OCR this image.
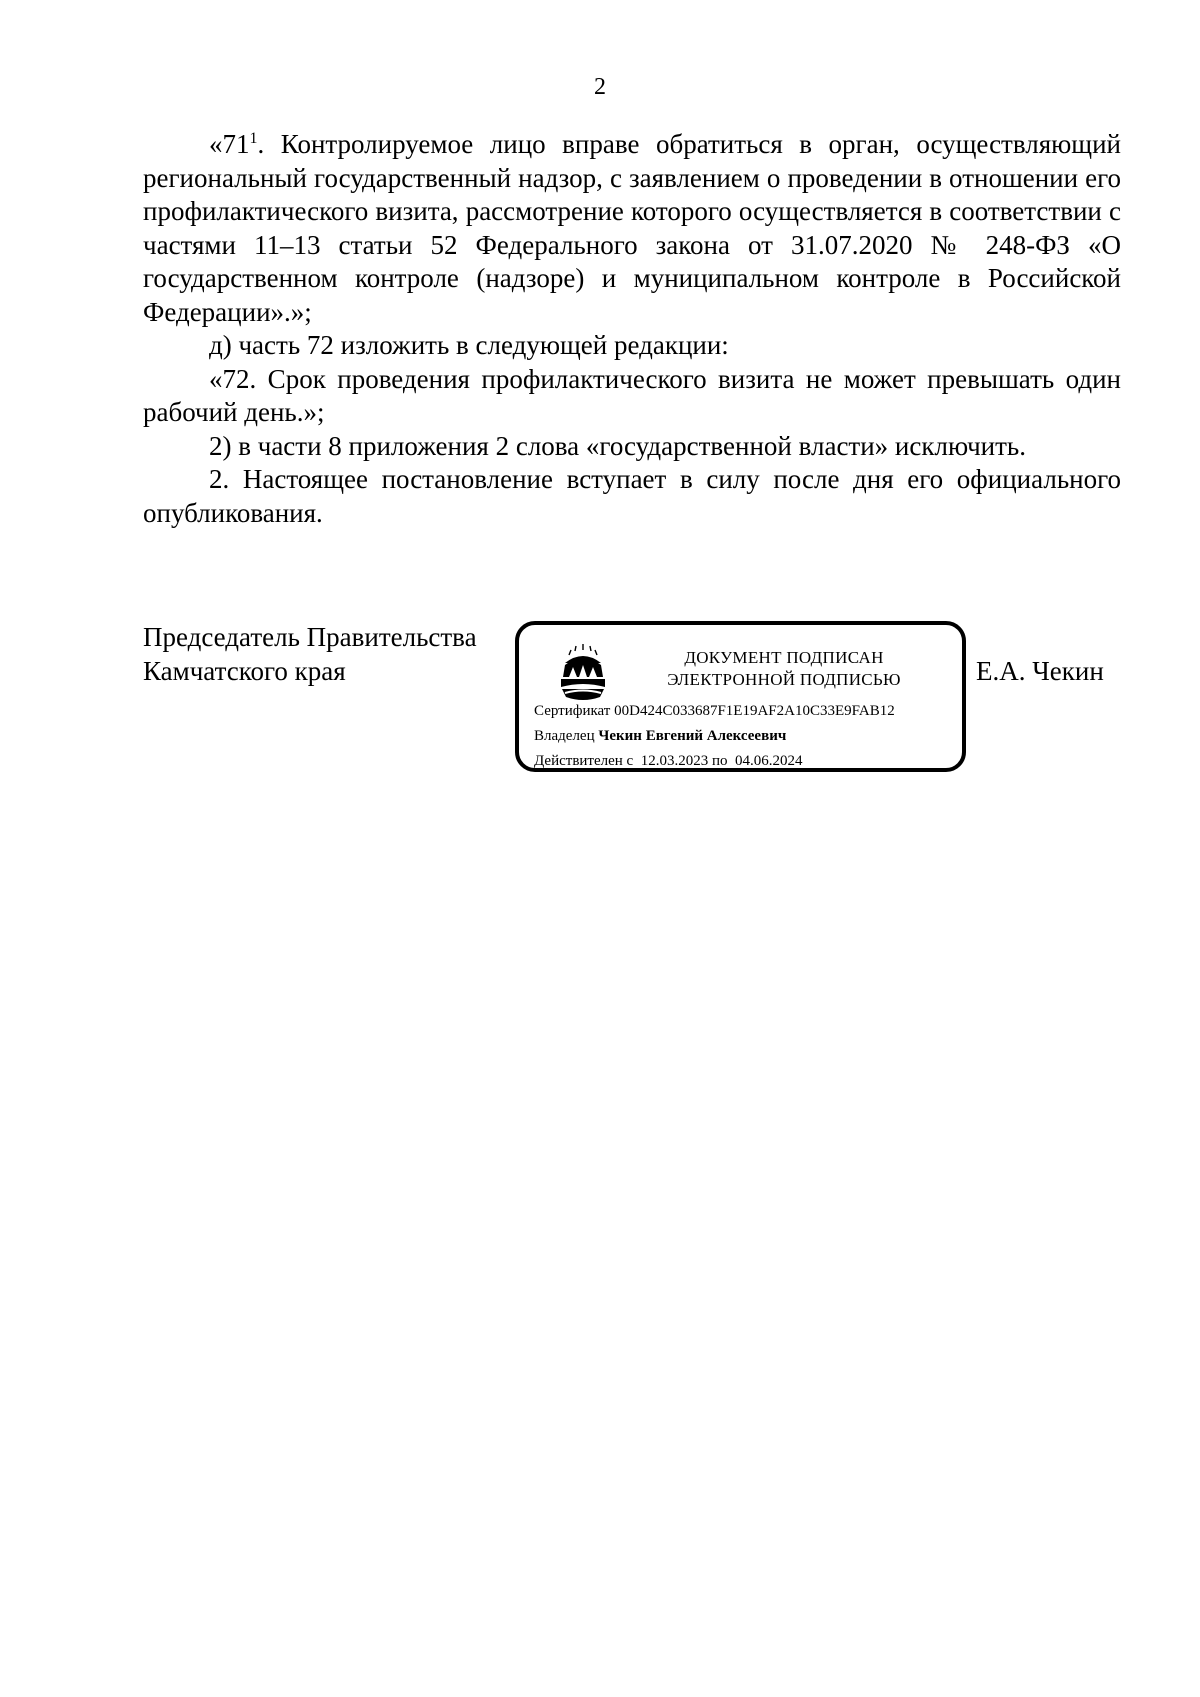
2

«$71^1$. Контролируемое лицо вправе обратиться в орган, осуществляющий региональный государственный надзор, с заявлением о проведении в отношении его профилактического визита, рассмотрение которого осуществляется в соответствии с частями 11–13 статьи 52 Федерального закона от 31.07.2020 № 248-ФЗ «О государственном контроле (надзоре) и муниципальном контроле в Российской Федерации».»;

д) часть 72 изложить в следующей редакции:

«72. Срок проведения профилактического визита не может превышать один рабочий день.»;

2) в части 8 приложения 2 слова «государственной власти» исключить.

2. Настоящее постановление вступает в силу после дня его официального опубликования.

Председатель Правительства
Камчатского края	ДОКУМЕНТ ПОДПИСАН
ЭЛЕКТРОННОЙ ПОДПИСЬЮ
Сертификат 00D424C033687F1E19AF2A10C33E9FAB12
Владелец Чекин Евгений Алексеевич
Действителен с 12.03.2023 по 04.06.2024
Е.А. Чекин
